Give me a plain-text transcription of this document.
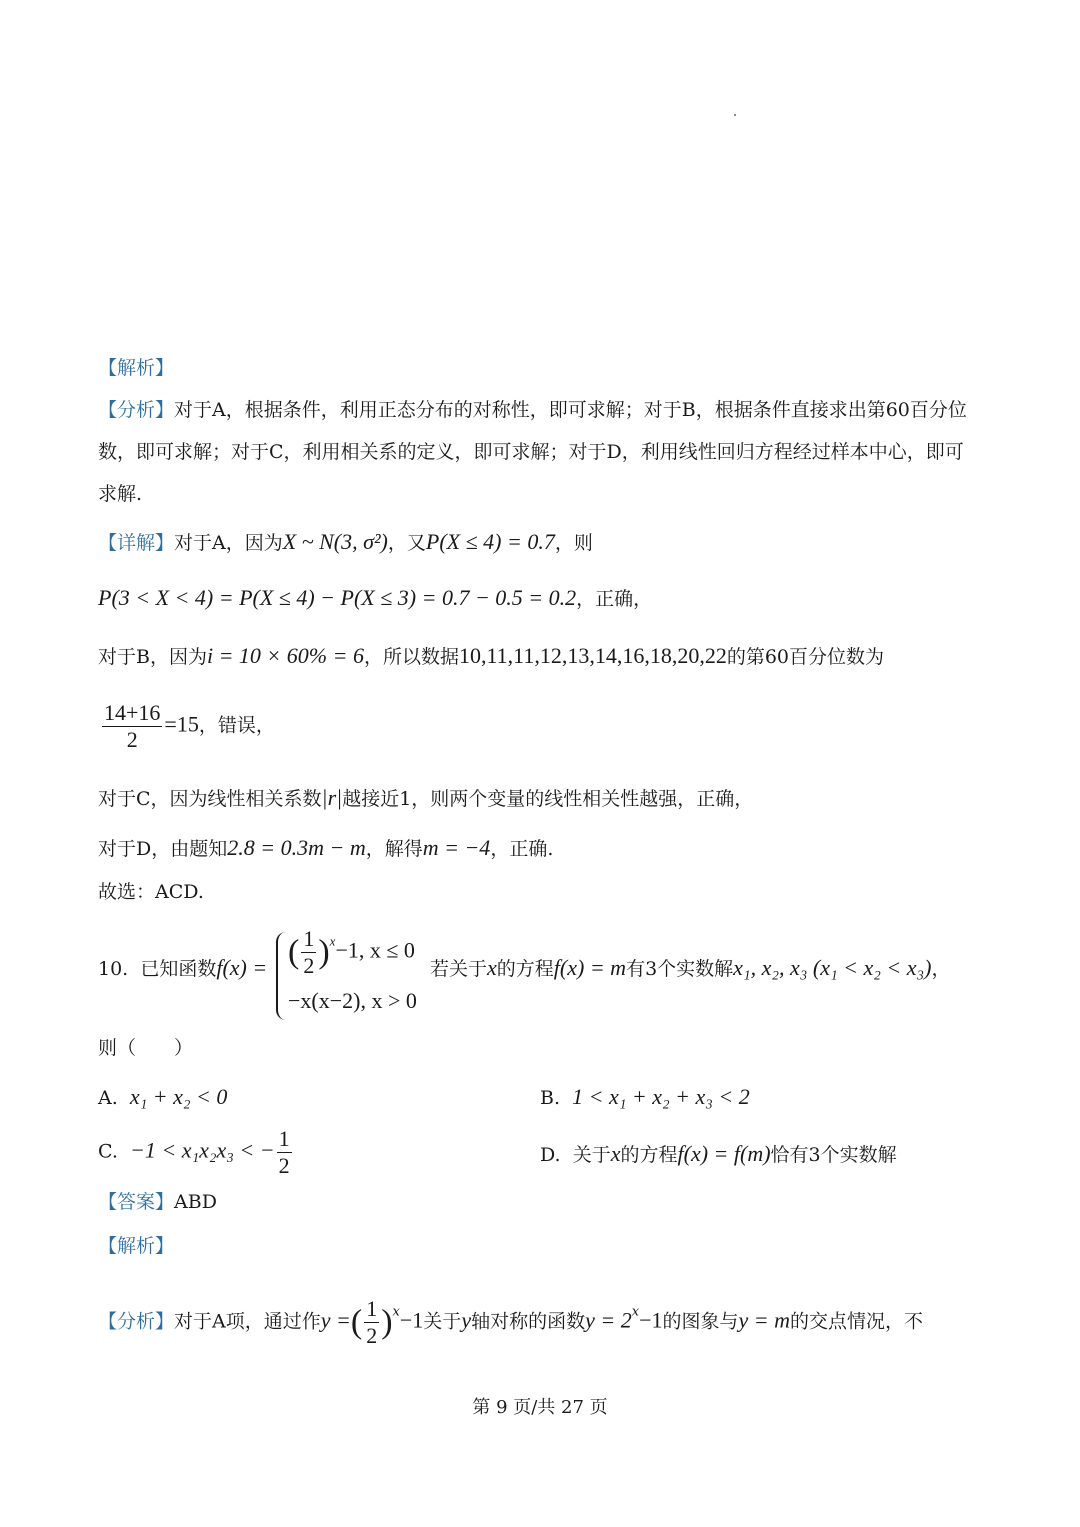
【解析】
【分析】对于A，根据条件，利用正态分布的对称性，即可求解；对于B，根据条件直接求出第60百分位
数，即可求解；对于C，利用相关系的定义，即可求解；对于D，利用线性回归方程经过样本中心，即可
求解.
【详解】对于A，因为X ~ N(3, σ²)，又P(X ≤ 4) = 0.7，则
P(3 < X < 4) = P(X ≤ 4) − P(X ≤ 3) = 0.7 − 0.5 = 0.2，正确，
对于B，因为i = 10 × 60% = 6，所以数据10,11,11,12,13,14,16,18,20,22的第60百分位数为
$\frac{14+16}{2} =15$，错误，
对于C，因为线性相关系数|r|越接近1，则两个变量的线性相关性越强，正确，
对于D，由题知2.8 = 0.3m − m，解得m = −4，正确.
故选：ACD.
10. 已知函数f(x) = ( $\frac{1}{2} )^x-1$, x ≤ 0
−x(x−2), x > 0
若关于x的方程f(x) = m有3个实数解x₁, x₂, x₃ (x₁ < x₂ < x₃)，
则（　　）
A. x₁ + x₂ < 0	B. 1 < x₁ + x₂ + x₃ < 2
C. −1 < x₁x₂x₃ < − $\frac{1}{2}$	D. 关于x的方程f(x) = f(m)恰有3个实数解
【答案】ABD
【解析】
【分析】对于A项，通过作y =( $\frac{1}{2} )^x-1$关于y轴对称的函数$y = 2^x-1$的图象与y = m的交点情况，不
第 9 页/共 27 页
